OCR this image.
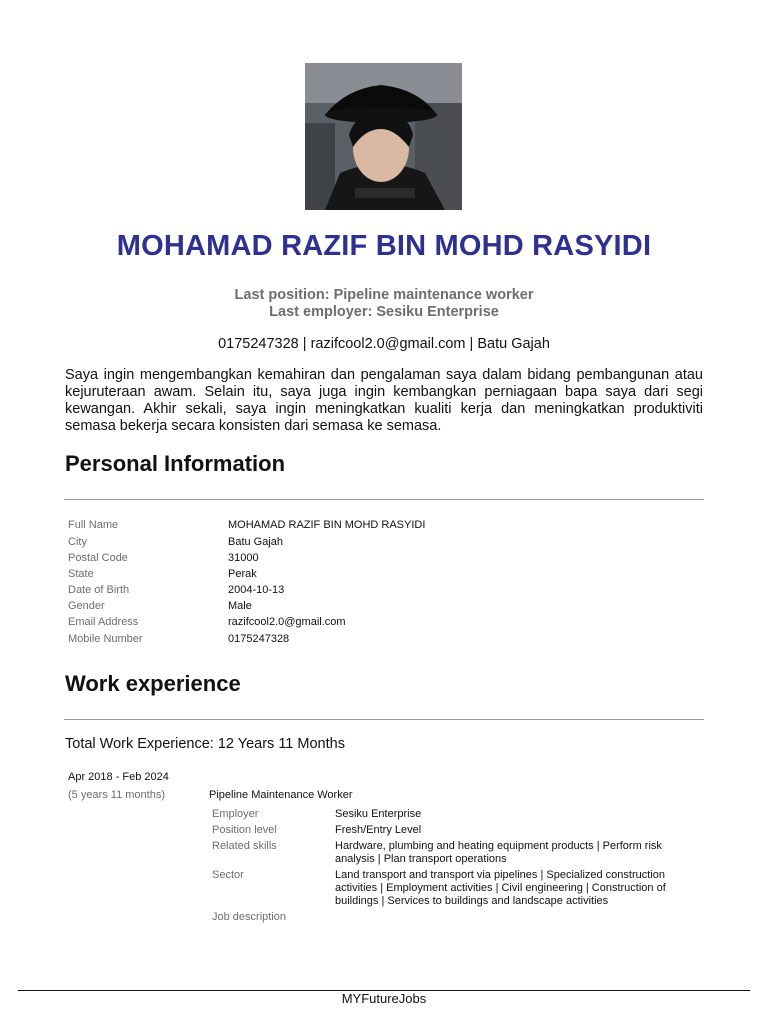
MOHAMAD RAZIF BIN MOHD RASYIDI
Last position: Pipeline maintenance worker
Last employer: Sesiku Enterprise
0175247328 | razifcool2.0@gmail.com | Batu Gajah
Saya ingin mengembangkan kemahiran dan pengalaman saya dalam bidang pembangunan atau kejuruteraan awam. Selain itu, saya juga ingin kembangkan perniagaan bapa saya dari segi kewangan. Akhir sekali, saya ingin meningkatkan kualiti kerja dan meningkatkan produktiviti semasa bekerja secara konsisten dari semasa ke semasa.
Personal Information
Full Name	MOHAMAD RAZIF BIN MOHD RASYIDI
City	Batu Gajah
Postal Code	31000
State	Perak
Date of Birth	2004-10-13
Gender	Male
Email Address	razifcool2.0@gmail.com
Mobile Number	0175247328
Work experience
Total Work Experience: 12 Years 11 Months
Apr 2018 - Feb 2024
(5 years 11 months)	Pipeline Maintenance Worker
Employer	Sesiku Enterprise
Position level	Fresh/Entry Level
Related skills	Hardware, plumbing and heating equipment products | Perform risk analysis | Plan transport operations
Sector	Land transport and transport via pipelines | Specialized construction activities | Employment activities | Civil engineering | Construction of buildings | Services to buildings and landscape activities
Job description
MYFutureJobs
